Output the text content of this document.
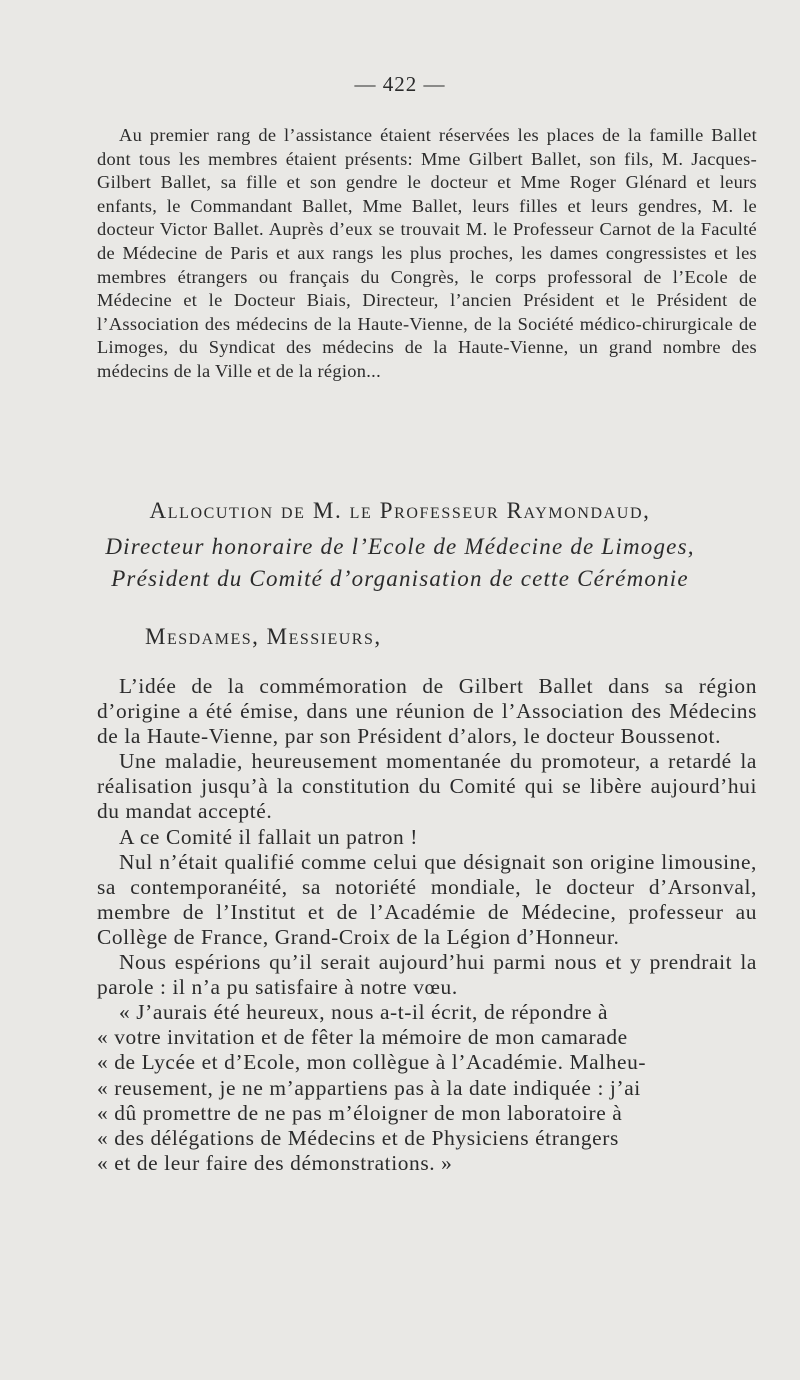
— 422 —

Au premier rang de l’assistance étaient réservées les places de la famille Ballet dont tous les membres étaient présents: Mme Gilbert Ballet, son fils, M. Jacques-Gilbert Ballet, sa fille et son gendre le docteur et Mme Roger Glénard et leurs enfants, le Commandant Ballet, Mme Ballet, leurs filles et leurs gendres, M. le docteur Victor Ballet. Auprès d’eux se trouvait M. le Professeur Carnot de la Faculté de Médecine de Paris et aux rangs les plus proches, les dames congressistes et les membres étrangers ou français du Congrès, le corps professoral de l’Ecole de Médecine et le Docteur Biais, Directeur, l’ancien Président et le Président de l’Association des médecins de la Haute-Vienne, de la Société médico-chirurgicale de Limoges, du Syndicat des médecins de la Haute-Vienne, un grand nombre des médecins de la Ville et de la région...

Allocution de M. le Professeur Raymondaud,
Directeur honoraire de l’Ecole de Médecine de Limoges,
Président du Comité d’organisation de cette Cérémonie
Mesdames, Messieurs,

L’idée de la commémoration de Gilbert Ballet dans sa région d’origine a été émise, dans une réunion de l’Association des Médecins de la Haute-Vienne, par son Président d’alors, le docteur Boussenot.

Une maladie, heureusement momentanée du promoteur, a retardé la réalisation jusqu’à la constitution du Comité qui se libère aujourd’hui du mandat accepté.

A ce Comité il fallait un patron !

Nul n’était qualifié comme celui que désignait son origine limousine, sa contemporanéité, sa notoriété mondiale, le docteur d’Arsonval, membre de l’Institut et de l’Académie de Médecine, professeur au Collège de France, Grand-Croix de la Légion d’Honneur.

Nous espérions qu’il serait aujourd’hui parmi nous et y prendrait la parole : il n’a pu satisfaire à notre vœu.

« J’aurais été heureux, nous a-t-il écrit, de répondre à
« votre invitation et de fêter la mémoire de mon camarade
« de Lycée et d’Ecole, mon collègue à l’Académie. Malheu-
« reusement, je ne m’appartiens pas à la date indiquée : j’ai
« dû promettre de ne pas m’éloigner de mon laboratoire à
« des délégations de Médecins et de Physiciens étrangers
« et de leur faire des démonstrations. »
